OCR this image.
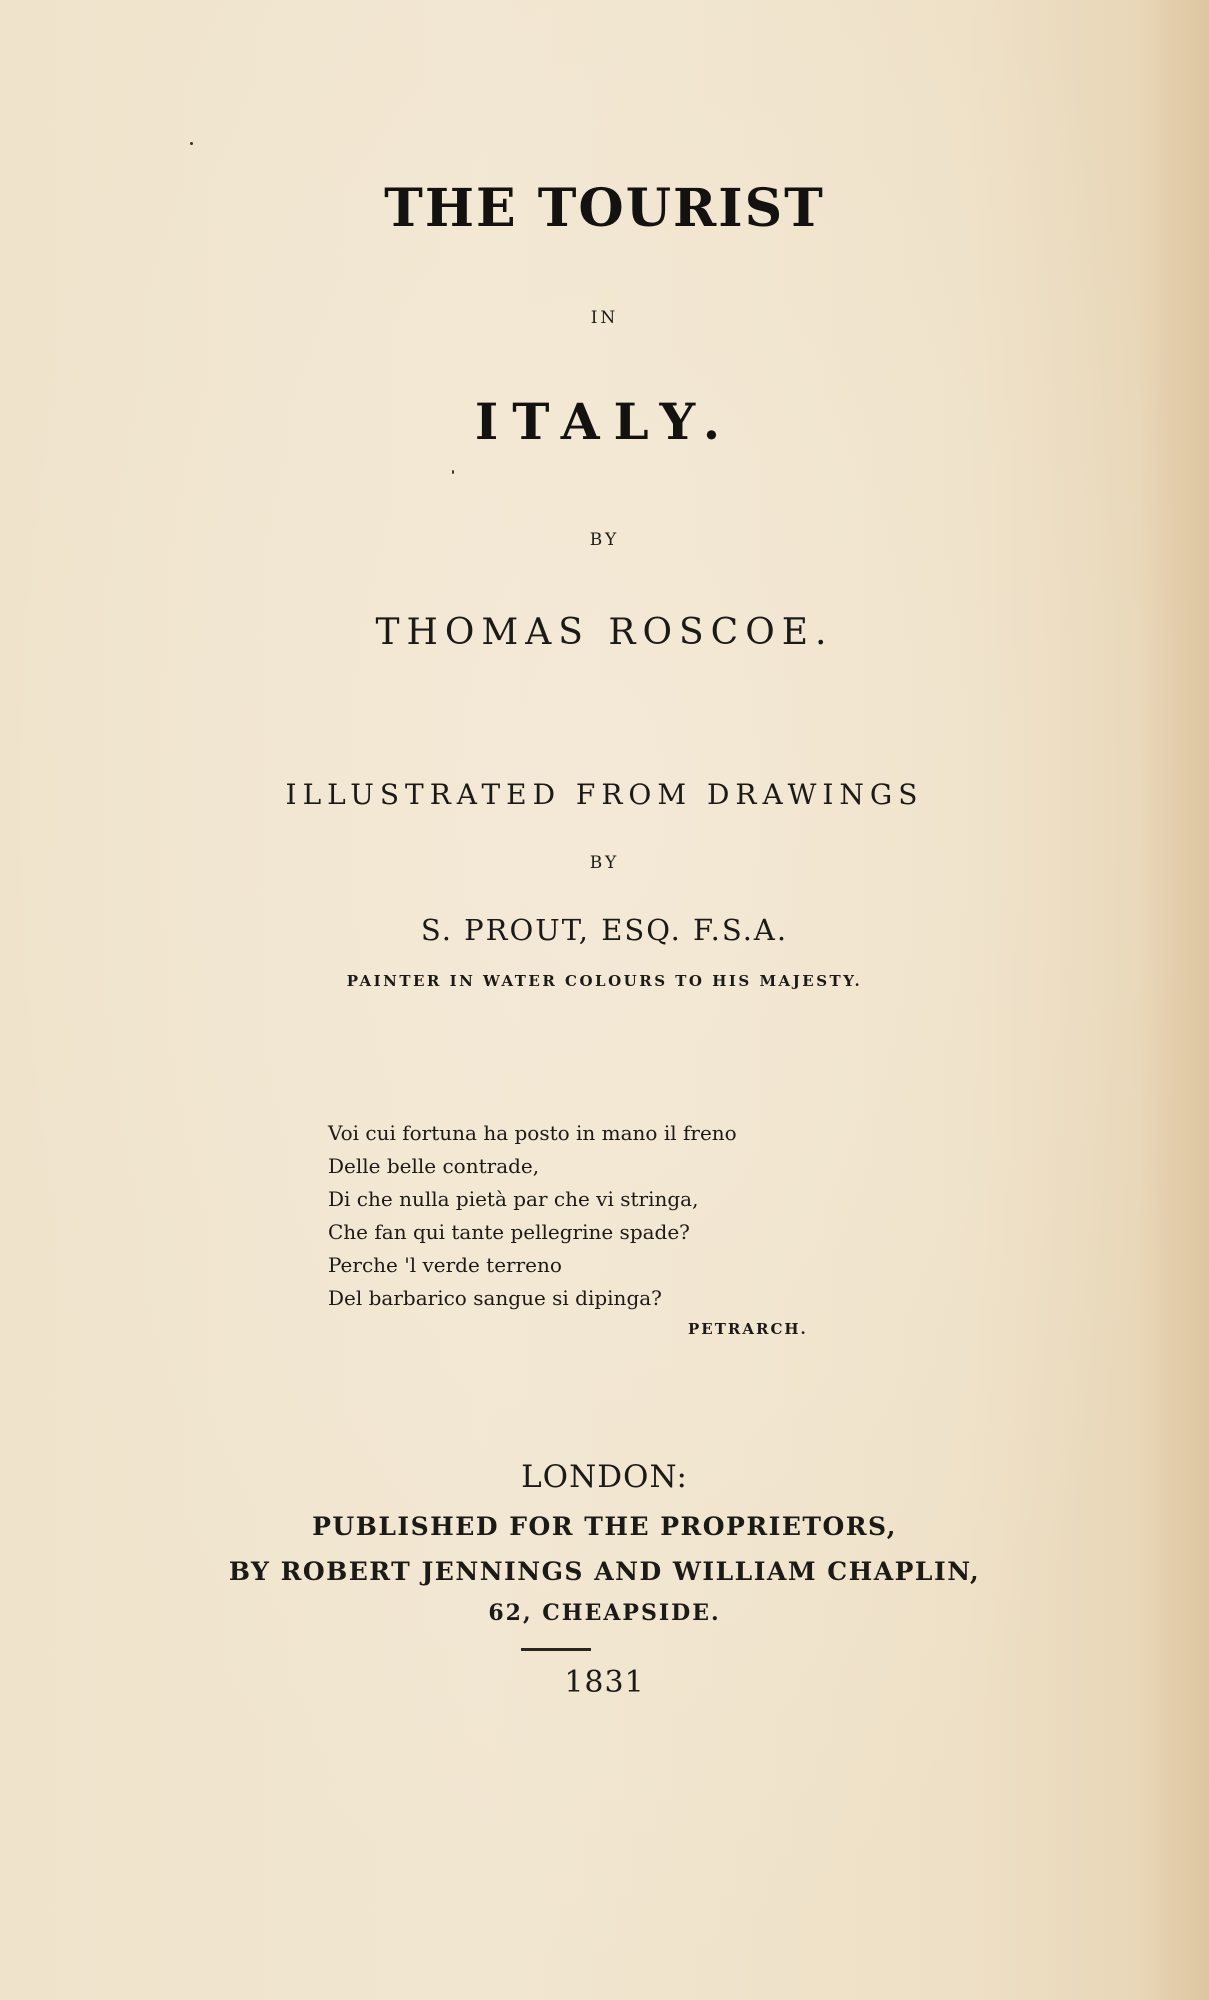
THE TOURIST
IN
ITALY.
BY
THOMAS ROSCOE.
ILLUSTRATED FROM DRAWINGS
BY
S. PROUT, ESQ. F.S.A.
PAINTER IN WATER COLOURS TO HIS MAJESTY.
Voi cui fortuna ha posto in mano il freno
Delle belle contrade,
Di che nulla pietà par che vi stringa,
Che fan qui tante pellegrine spade?
Perche 'l verde terreno
Del barbarico sangue si dipinga?
PETRARCH.
LONDON:
PUBLISHED FOR THE PROPRIETORS,
BY ROBERT JENNINGS AND WILLIAM CHAPLIN,
62, CHEAPSIDE.
1831
